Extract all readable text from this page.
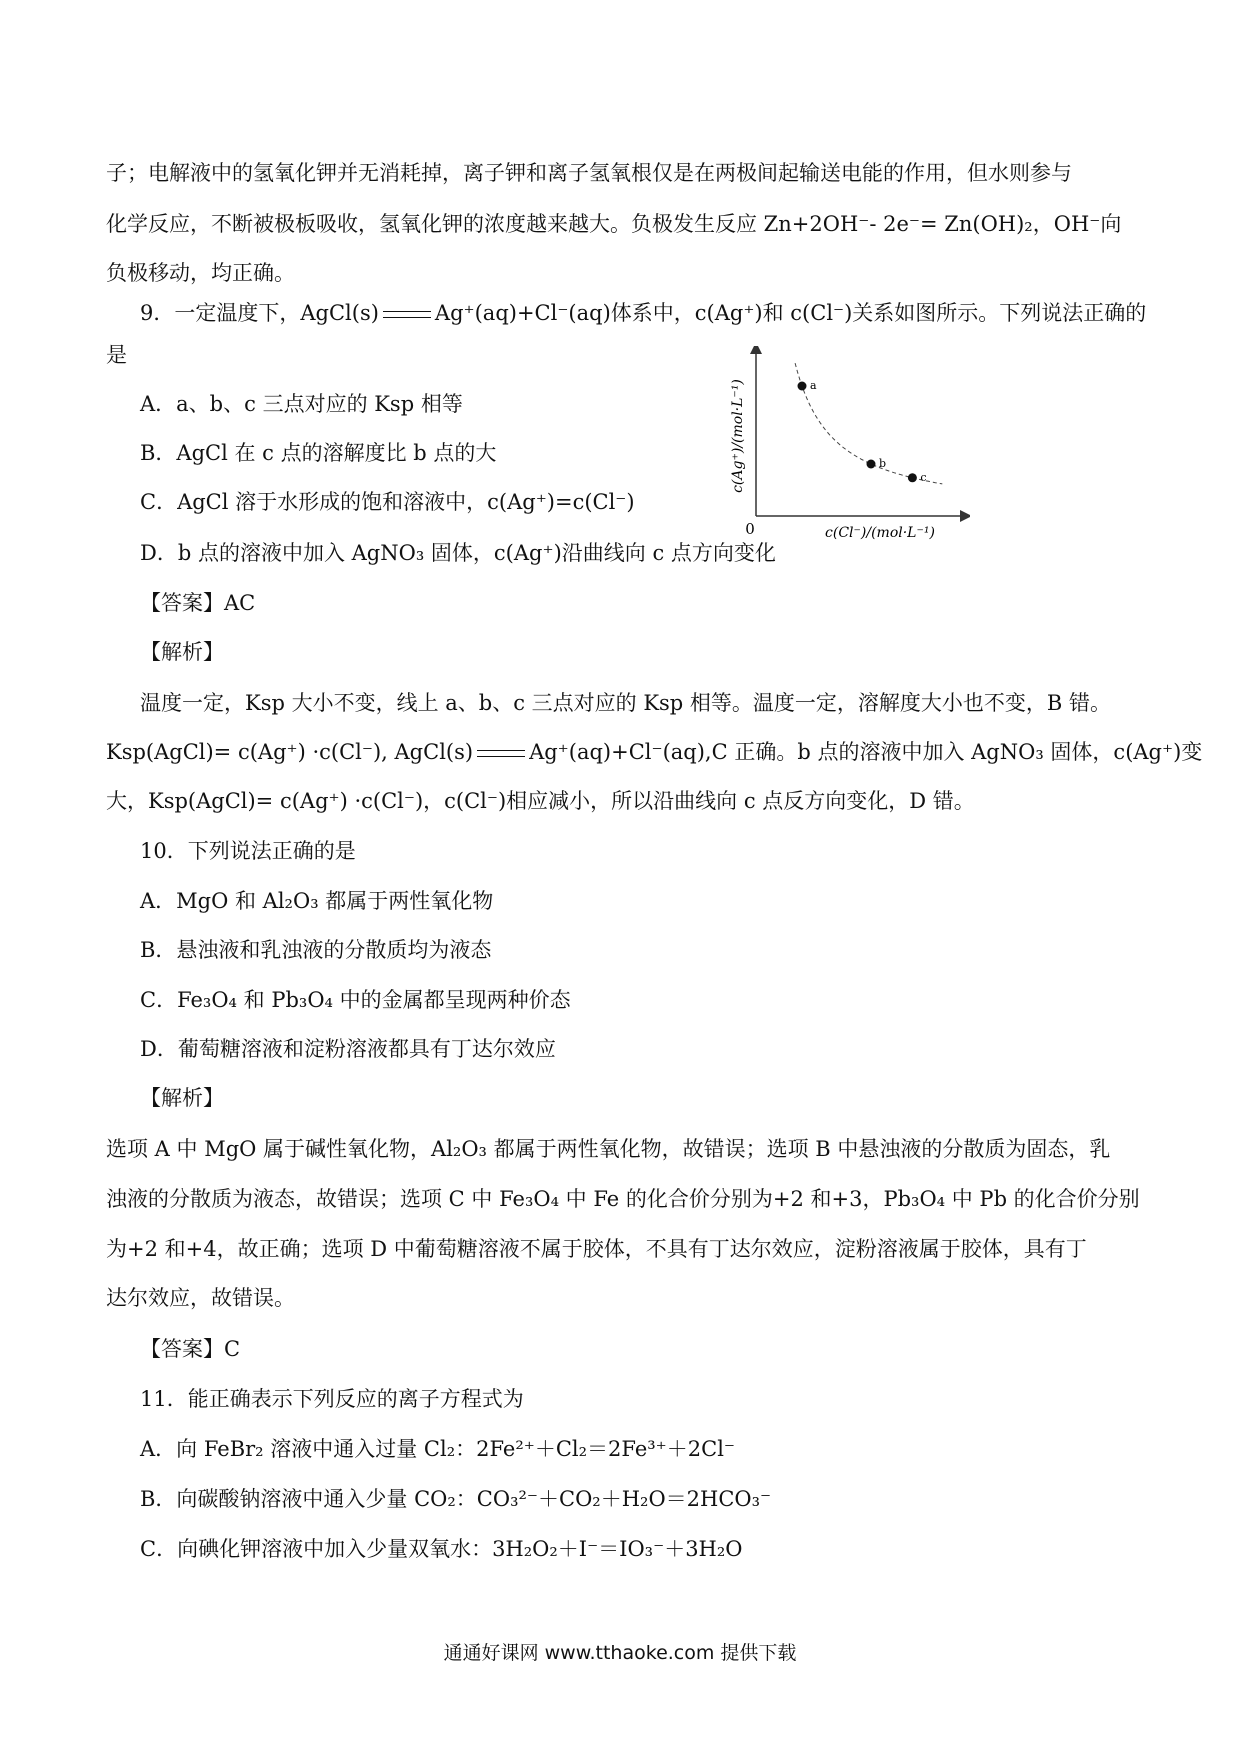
子；电解液中的氢氧化钾并无消耗掉，离子钾和离子氢氧根仅是在两极间起输送电能的作用，但水则参与
化学反应，不断被极板吸收，氢氧化钾的浓度越来越大。负极发生反应 Zn+2OH⁻- 2e⁻= Zn(OH)₂，OH⁻向
负极移动，均正确。
9．一定温度下，AgCl(s)	Ag⁺(aq)+Cl⁻(aq)体系中，c(Ag⁺)和 c(Cl⁻)关系如图所示。下列说法正确的
是
A．a、b、c 三点对应的 Ksp 相等
B．AgCl 在 c 点的溶解度比 b 点的大
C．AgCl 溶于水形成的饱和溶液中，c(Ag⁺)=c(Cl⁻)
D．b 点的溶液中加入 AgNO₃ 固体，c(Ag⁺)沿曲线向 c 点方向变化
a
b
c
0	c(Cl⁻)/(mol·L⁻¹)
c(Ag⁺)/(mol·L⁻¹)
【答案】AC
【解析】
温度一定，Ksp 大小不变，线上 a、b、c 三点对应的 Ksp 相等。温度一定，溶解度大小也不变，B 错。
Ksp(AgCl)= c(Ag⁺) ·c(Cl⁻), AgCl(s)	Ag⁺(aq)+Cl⁻(aq),C 正确。b 点的溶液中加入 AgNO₃ 固体，c(Ag⁺)变
大，Ksp(AgCl)= c(Ag⁺) ·c(Cl⁻)，c(Cl⁻)相应减小，所以沿曲线向 c 点反方向变化，D 错。
10．下列说法正确的是
A．MgO 和 Al₂O₃ 都属于两性氧化物
B．悬浊液和乳浊液的分散质均为液态
C．Fe₃O₄ 和 Pb₃O₄ 中的金属都呈现两种价态
D．葡萄糖溶液和淀粉溶液都具有丁达尔效应
【解析】
选项 A 中 MgO 属于碱性氧化物，Al₂O₃ 都属于两性氧化物，故错误；选项 B 中悬浊液的分散质为固态，乳
浊液的分散质为液态，故错误；选项 C 中 Fe₃O₄ 中 Fe 的化合价分别为+2 和+3，Pb₃O₄ 中 Pb 的化合价分别
为+2 和+4，故正确；选项 D 中葡萄糖溶液不属于胶体，不具有丁达尔效应，淀粉溶液属于胶体，具有丁
达尔效应，故错误。
【答案】C
11．能正确表示下列反应的离子方程式为
A．向 FeBr₂ 溶液中通入过量 Cl₂：2Fe²⁺＋Cl₂＝2Fe³⁺＋2Cl⁻
B．向碳酸钠溶液中通入少量 CO₂：CO₃²⁻＋CO₂＋H₂O＝2HCO₃⁻
C．向碘化钾溶液中加入少量双氧水：3H₂O₂＋I⁻＝IO₃⁻＋3H₂O
通通好课网 www.tthaoke.com 提供下载
